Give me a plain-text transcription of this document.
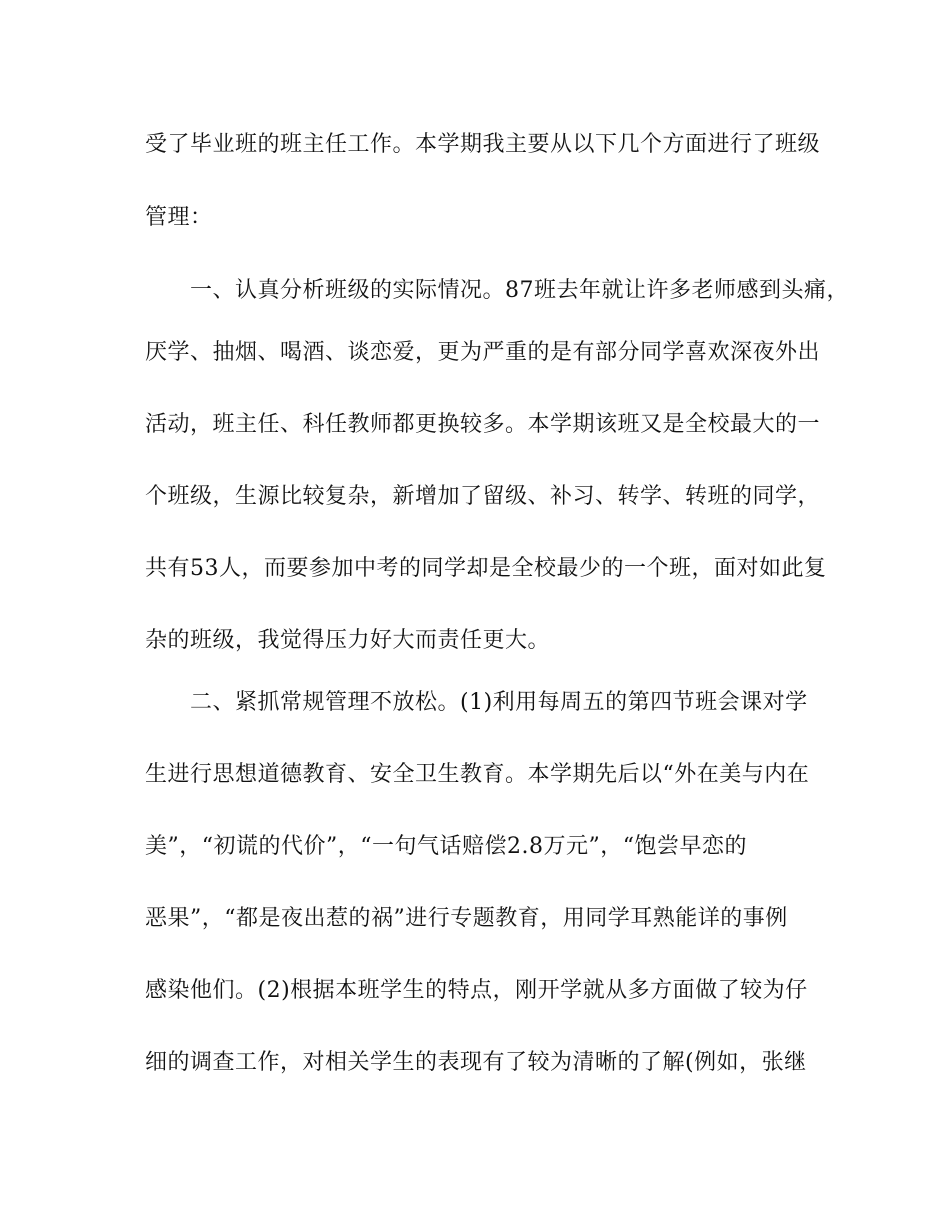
受了毕业班的班主任工作。本学期我主要从以下几个方面进行了班级
管理：
一、认真分析班级的实际情况。87班去年就让许多老师感到头痛，
厌学、抽烟、喝酒、谈恋爱，更为严重的是有部分同学喜欢深夜外出
活动，班主任、科任教师都更换较多。本学期该班又是全校最大的一
个班级，生源比较复杂，新增加了留级、补习、转学、转班的同学，
共有53人，而要参加中考的同学却是全校最少的一个班，面对如此复
杂的班级，我觉得压力好大而责任更大。
二、紧抓常规管理不放松。(1)利用每周五的第四节班会课对学
生进行思想道德教育、安全卫生教育。本学期先后以“外在美与内在
美”，“初谎的代价”，“一句气话赔偿2.8万元”，“饱尝早恋的
恶果”，“都是夜出惹的祸”进行专题教育，用同学耳熟能详的事例
感染他们。(2)根据本班学生的特点，刚开学就从多方面做了较为仔
细的调查工作，对相关学生的表现有了较为清晰的了解(例如，张继
